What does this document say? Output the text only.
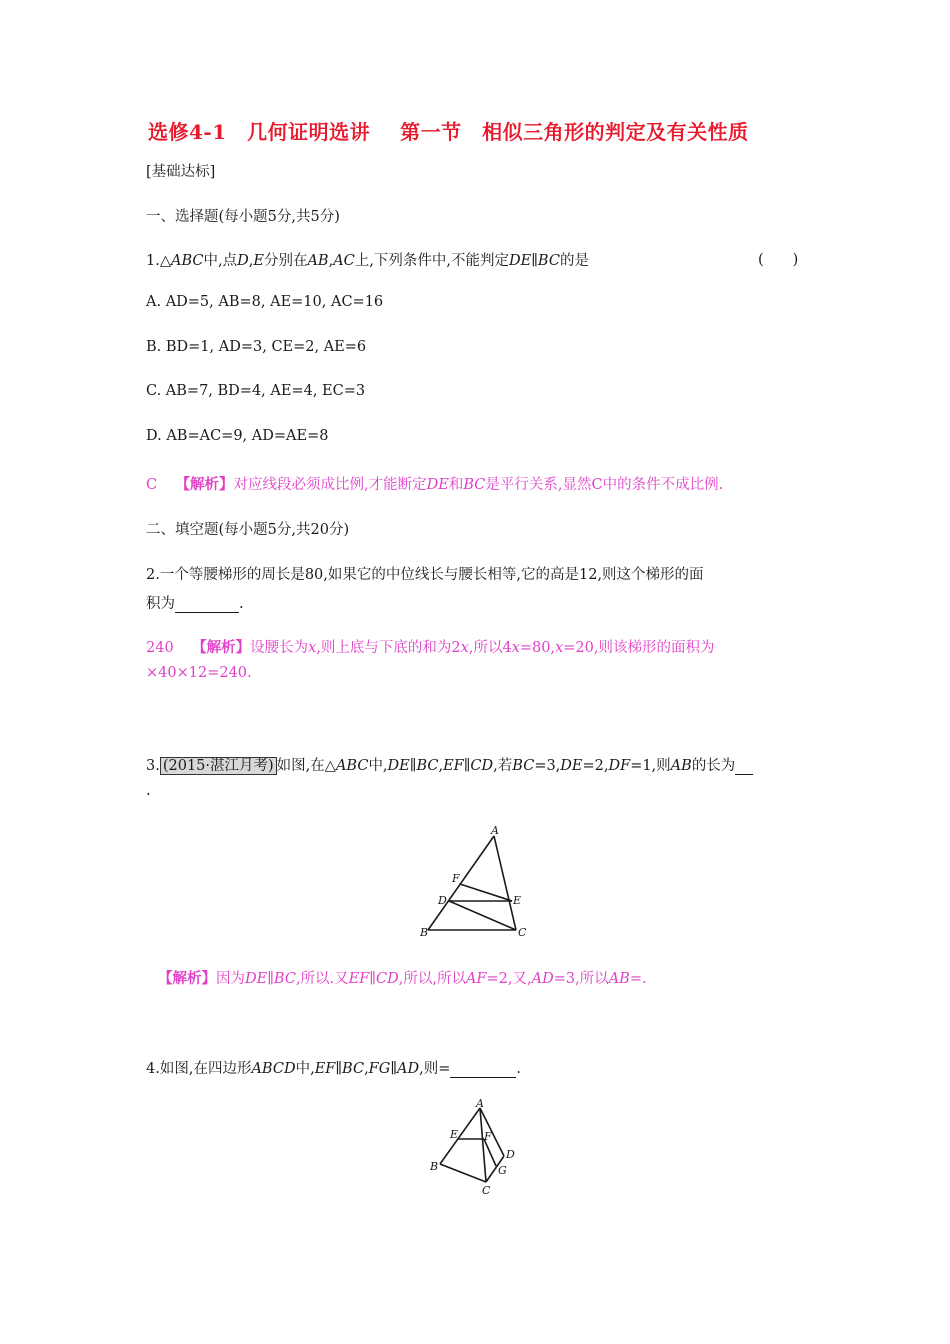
选修4-1　几何证明选讲 第一节　相似三角形的判定及有关性质
[基础达标]
一、选择题(每小题5分,共5分)
1.△ABC中,点D,E分别在AB,AC上,下列条件中,不能判定DE∥BC的是	(　　)
A. AD=5, AB=8, AE=10, AC=16
B. BD=1, AD=3, CE=2, AE=6
C. AB=7, BD=4, AE=4, EC=3
D. AB=AC=9, AD=AE=8
C 【解析】对应线段必须成比例,才能断定DE和BC是平行关系,显然C中的条件不成比例.
二、填空题(每小题5分,共20分)
2.一个等腰梯形的周长是80,如果它的中位线长与腰长相等,它的高是12,则这个梯形的面
积为	.
240 【解析】设腰长为x,则上底与下底的和为2x,所以4x=80,x=20,则该梯形的面积为
×40×12=240.
3. (2015·湛江月考) 如图,在△ABC中,DE∥BC,EF∥CD,若BC=3,DE=2,DF=1,则AB的长为
.
A
F
D	E
B	C
【解析】因为DE∥BC,所以.又EF∥CD,所以,所以AF=2,又,AD=3,所以AB=.
4.如图,在四边形ABCD中,EF∥BC,FG∥AD,则=	.
A
E F
B
D
G
C
